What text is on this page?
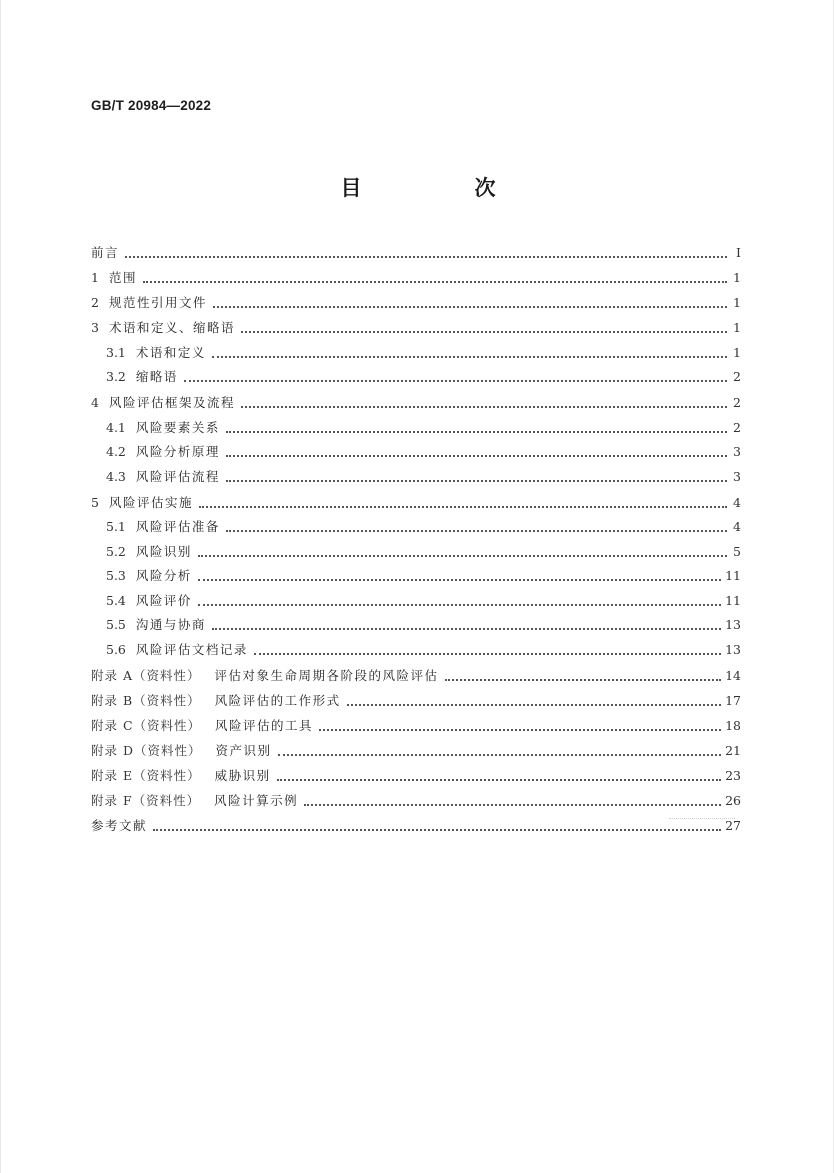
GB/T 20984—2022
目　次
前言	Ⅰ
1 范围	1
2 规范性引用文件	1
3 术语和定义、缩略语	1
3.1 术语和定义	1
3.2 缩略语	2
4 风险评估框架及流程	2
4.1 风险要素关系	2
4.2 风险分析原理	3
4.3 风险评估流程	3
5 风险评估实施	4
5.1 风险评估准备	4
5.2 风险识别	5
5.3 风险分析	11
5.4 风险评价	11
5.5 沟通与协商	13
5.6 风险评估文档记录	13
附录 A（资料性）	评估对象生命周期各阶段的风险评估	14
附录 B（资料性）	风险评估的工作形式	17
附录 C（资料性）	风险评估的工具	18
附录 D（资料性）	资产识别	21
附录 E（资料性）	威胁识别	23
附录 F（资料性）	风险计算示例	26
参考文献	27
